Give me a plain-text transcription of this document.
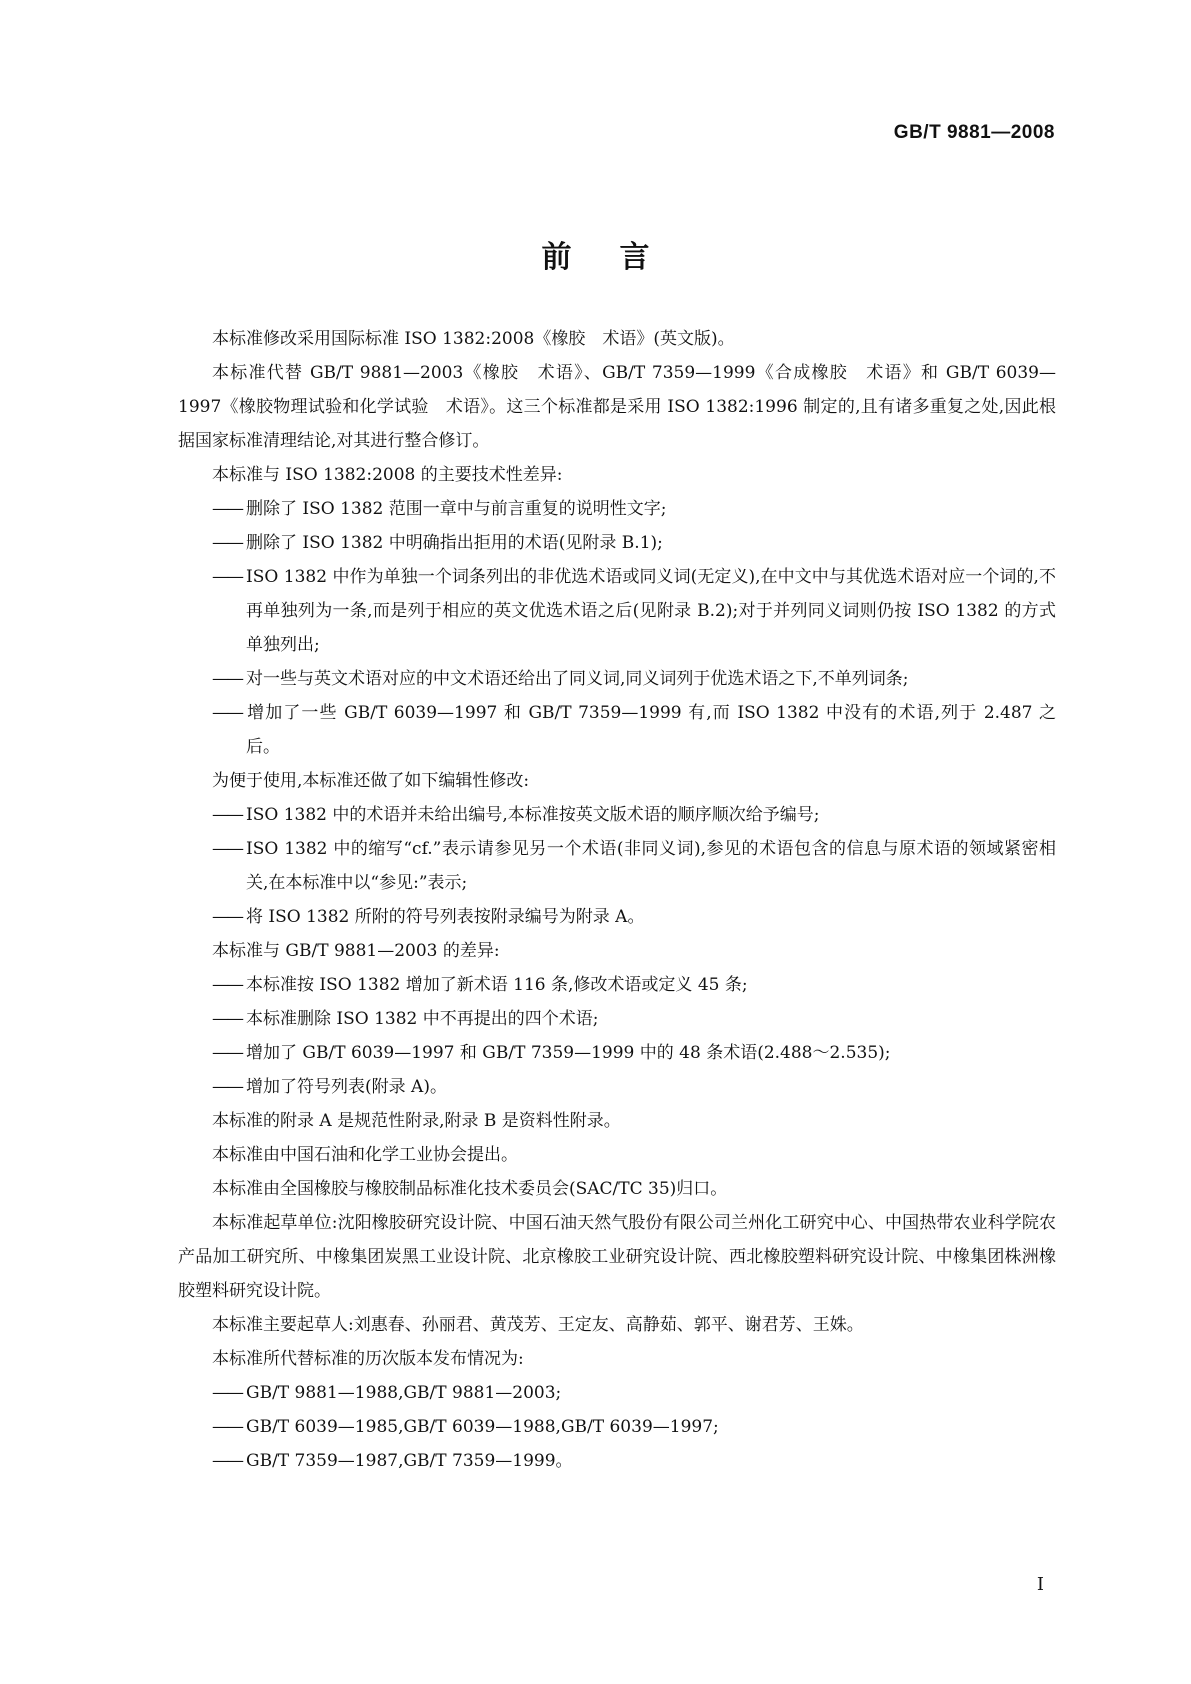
GB/T 9881—2008
前言

本标准修改采用国际标准 ISO 1382:2008《橡胶　术语》(英文版)。

本标准代替 GB/T 9881—2003《橡胶　术语》、GB/T 7359—1999《合成橡胶　术语》和 GB/T 6039—1997《橡胶物理试验和化学试验　术语》。这三个标准都是采用 ISO 1382:1996 制定的,且有诸多重复之处,因此根据国家标准清理结论,对其进行整合修订。

本标准与 ISO 1382:2008 的主要技术性差异:

—— 删除了 ISO 1382 范围一章中与前言重复的说明性文字;

—— 删除了 ISO 1382 中明确指出拒用的术语(见附录 B.1);

—— ISO 1382 中作为单独一个词条列出的非优选术语或同义词(无定义),在中文中与其优选术语对应一个词的,不再单独列为一条,而是列于相应的英文优选术语之后(见附录 B.2);对于并列同义词则仍按 ISO 1382 的方式单独列出;

—— 对一些与英文术语对应的中文术语还给出了同义词,同义词列于优选术语之下,不单列词条;

—— 增加了一些 GB/T 6039—1997 和 GB/T 7359—1999 有,而 ISO 1382 中没有的术语,列于 2.487 之后。

为便于使用,本标准还做了如下编辑性修改:

—— ISO 1382 中的术语并未给出编号,本标准按英文版术语的顺序顺次给予编号;

—— ISO 1382 中的缩写“cf.”表示请参见另一个术语(非同义词),参见的术语包含的信息与原术语的领域紧密相关,在本标准中以“参见:”表示;

—— 将 ISO 1382 所附的符号列表按附录编号为附录 A。

本标准与 GB/T 9881—2003 的差异:

—— 本标准按 ISO 1382 增加了新术语 116 条,修改术语或定义 45 条;

—— 本标准删除 ISO 1382 中不再提出的四个术语;

—— 增加了 GB/T 6039—1997 和 GB/T 7359—1999 中的 48 条术语(2.488～2.535);

—— 增加了符号列表(附录 A)。

本标准的附录 A 是规范性附录,附录 B 是资料性附录。

本标准由中国石油和化学工业协会提出。

本标准由全国橡胶与橡胶制品标准化技术委员会(SAC/TC 35)归口。

本标准起草单位:沈阳橡胶研究设计院、中国石油天然气股份有限公司兰州化工研究中心、中国热带农业科学院农产品加工研究所、中橡集团炭黑工业设计院、北京橡胶工业研究设计院、西北橡胶塑料研究设计院、中橡集团株洲橡胶塑料研究设计院。

本标准主要起草人:刘惠春、孙丽君、黄茂芳、王定友、高静茹、郭平、谢君芳、王姝。

本标准所代替标准的历次版本发布情况为:

—— GB/T 9881—1988,GB/T 9881—2003;

—— GB/T 6039—1985,GB/T 6039—1988,GB/T 6039—1997;

—— GB/T 7359—1987,GB/T 7359—1999。

I
